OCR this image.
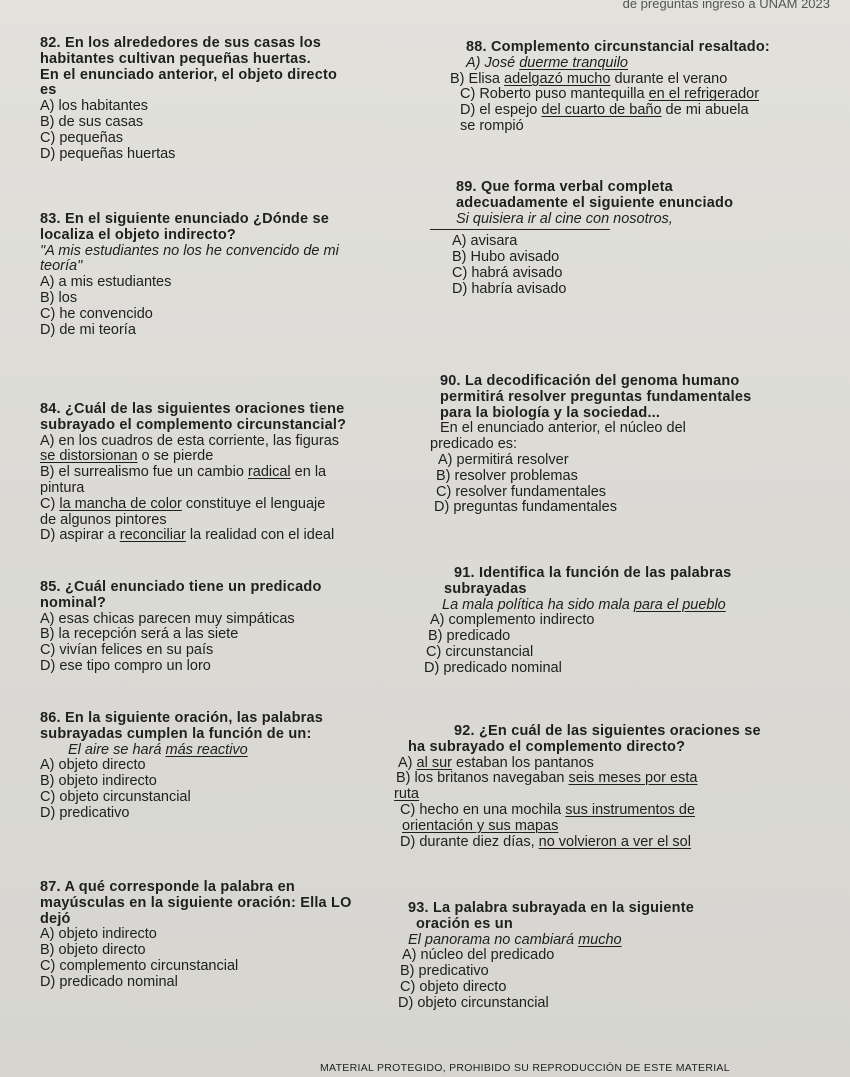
de preguntas ingreso a UNAM 2023
82. En los alrededores de sus casas los
habitantes cultivan pequeñas huertas.
En el enunciado anterior, el objeto directo
es
A) los habitantes
B) de sus casas
C) pequeñas
D) pequeñas huertas
83. En el siguiente enunciado ¿Dónde se
localiza el objeto indirecto?
"A mis estudiantes no los he convencido de mi
teoría"
A) a mis estudiantes
B) los
C) he convencido
D) de mi teoría
84. ¿Cuál de las siguientes oraciones tiene
subrayado el complemento circunstancial?
A) en los cuadros de esta corriente, las figuras
se distorsionan o se pierde
B) el surrealismo fue un cambio radical en la
pintura
C) la mancha de color constituye el lenguaje
de algunos pintores
D) aspirar a reconciliar la realidad con el ideal
85. ¿Cuál enunciado tiene un predicado
nominal?
A) esas chicas parecen muy simpáticas
B) la recepción será a las siete
C) vivían felices en su país
D) ese tipo compro un loro
86. En la siguiente oración, las palabras
subrayadas cumplen la función de un:
El aire se hará más reactivo
A) objeto directo
B) objeto indirecto
C) objeto circunstancial
D) predicativo
87. A qué corresponde la palabra en
mayúsculas en la siguiente oración: Ella LO
dejó
A) objeto indirecto
B) objeto directo
C) complemento circunstancial
D) predicado nominal
88. Complemento circunstancial resaltado:
A) José duerme tranquilo
B) Elisa adelgazó mucho durante el verano
C) Roberto puso mantequilla en el refrigerador
D) el espejo del cuarto de baño de mi abuela
se rompió
89. Que forma verbal completa
adecuadamente el siguiente enunciado
Si quisiera ir al cine con nosotros,
A) avisara
B) Hubo avisado
C) habrá avisado
D) habría avisado
90. La decodificación del genoma humano
permitirá resolver preguntas fundamentales
para la biología y la sociedad...
En el enunciado anterior, el núcleo del
predicado es:
A) permitirá resolver
B) resolver problemas
C) resolver fundamentales
D) preguntas fundamentales
91. Identifica la función de las palabras
subrayadas
La mala política ha sido mala para el pueblo
A) complemento indirecto
B) predicado
C) circunstancial
D) predicado nominal
92. ¿En cuál de las siguientes oraciones se
ha subrayado el complemento directo?
A) al sur estaban los pantanos
B) los britanos navegaban seis meses por esta
ruta
C) hecho en una mochila sus instrumentos de
orientación y sus mapas
D) durante diez días, no volvieron a ver el sol
93. La palabra subrayada en la siguiente
oración es un
El panorama no cambiará mucho
A) núcleo del predicado
B) predicativo
C) objeto directo
D) objeto circunstancial
MATERIAL PROTEGIDO, PROHIBIDO SU REPRODUCCIÓN DE ESTE MATERIAL
